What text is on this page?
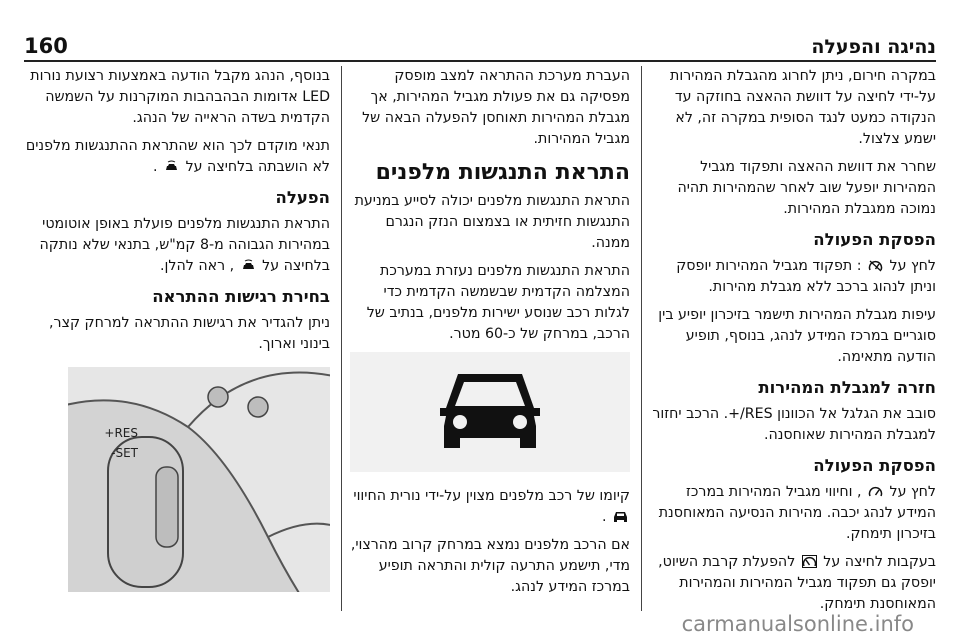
נהיגה והפעלה
160

במקרה חירום, ניתן לחרוג מהגבלת המהירות על-ידי לחיצה על דוושת ההאצה בחוזקה עד הנקודה כמעט לנגד הסופית במקרה זה, לא ישמע צלצול.

שחרר את דוושת ההאצה ותפקוד מגביל המהירות יופעל שוב לאחר שהמהירות תהיה נמוכה ממגבלת המהירות.

הפסקת הפעולה

לחץ על  : תפקוד מגביל המהירות יופסק וניתן לנהוג ברכב ללא מגבלת מהירות.

עיפות מגבלת המהירות תישמר בזיכרון יופיע בין סוגריים במרכז המידע לנהג, בנוסף, תופיע הודעה מתאימה.

חזרה למגבלת המהירות

סובב את הגלגל אל הכוונון RES/+. הרכב יחזור למגבלת המהירות שאוחסנה.

הפסקת הפעולה

לחץ על  , וחיווי מגביל המהירות במרכז המידע לנהג יכבה. מהירות הנסיעה המאוחסנת בזיכרון תימחק.

בעקבות לחיצה על  להפעלת קרבת השיוט, יופסק גם תפקוד מגביל המהירות והמהירות המאוחסנת תימחק.

העברת מערכת ההתראה למצב מופסק מפסיקה גם את פעולת מגביל המהירות, אך מגבלת המהירות תאוחסן להפעלה הבאה של מגביל המהירות.

התראת התנגשות מלפנים

התראת התנגשות מלפנים יכולה לסייע במניעת התנגשות חזיתית או בצמצום הנזק הנגרם ממנה.

התראת התנגשות מלפנים נעזרת במערכת המצלמה הקדמית שבשמשה הקדמית כדי לגלות רכב שנוסע ישירות מלפנים, בנתיב של הרכב, במרחק של כ-60 מטר.

קיומו של רכב מלפנים מצוין על-ידי נורית החיווי  .

אם הרכב מלפנים נמצא במרחק קרוב מהרצוי, מדי, תישמע התרעה קולית והתראה תופיע במרכז המידע לנהג.

בנוסף, הנהג מקבל הודעה באמצעות רצועת נורות LED אדומות הבהבהבות המוקרנות על השמשה הקדמית בשדה הראייה של הנהג.

תנאי מוקדם לכך הוא שהתראת ההתנגשות מלפנים לא הושבתה בלחיצה על  .

הפעלה

התראת התנגשות מלפנים פועלת באופן אוטומטי במהירות הגבוהה מ-8 קמ"ש, בתנאי שלא נותקה בלחיצה על  , ראה להלן.

בחירת רגישות ההתראה

ניתן להגדיר את רגישות ההתראה למרחק קצר, בינוני וארוך.

RES+
SET-
carmanualsonline.info
